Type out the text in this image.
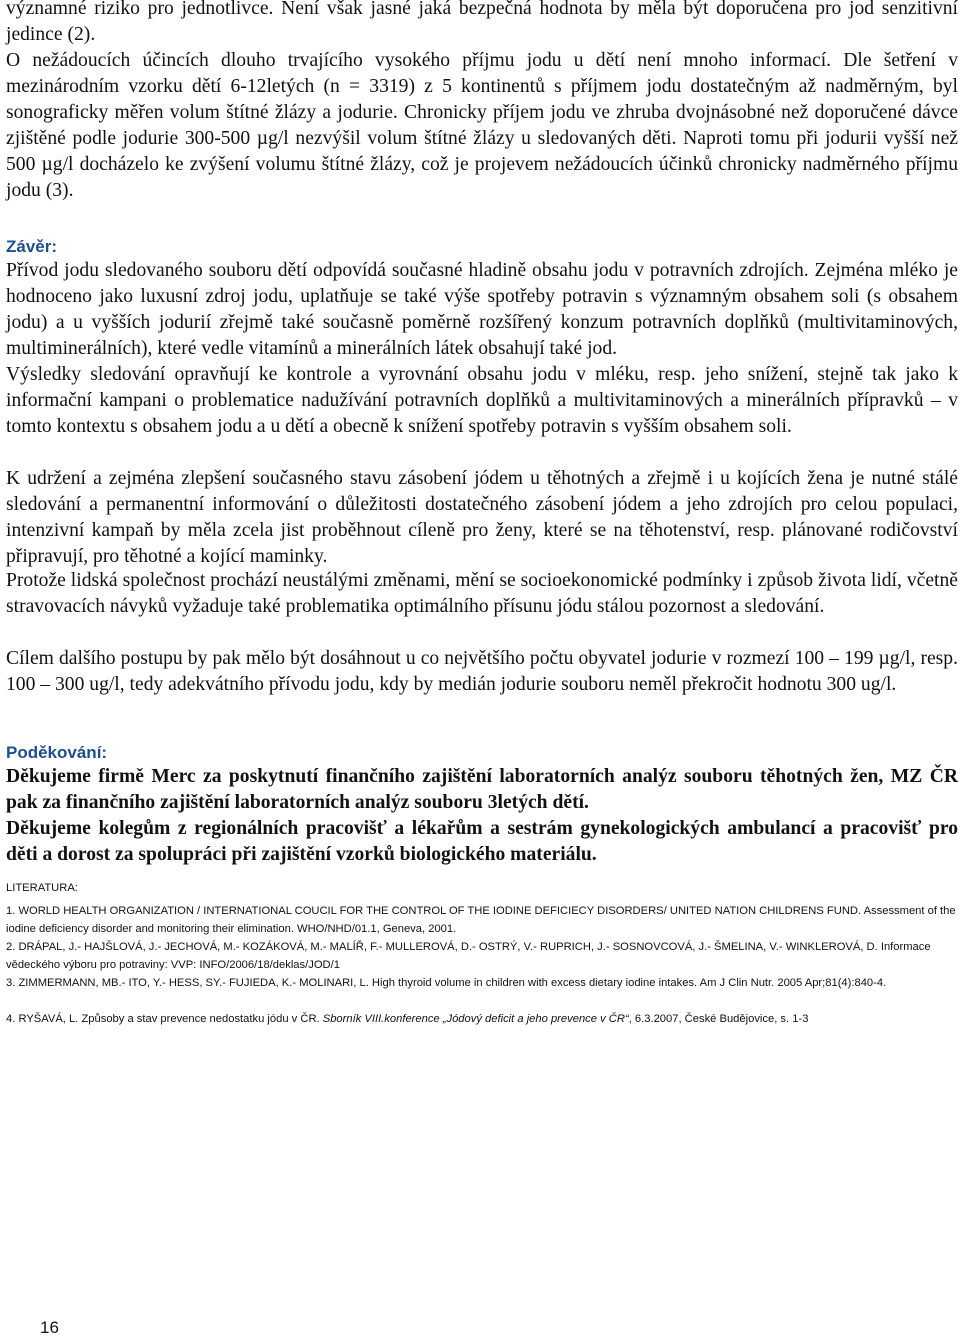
významné riziko pro jednotlivce. Není však jasné jaká bezpečná hodnota by měla být doporučena pro jod senzitivní jedince (2).

O nežádoucích účincích dlouho trvajícího vysokého příjmu jodu u dětí není mnoho informací. Dle šetření v mezinárodním vzorku dětí 6-12letých (n = 3319) z 5 kontinentů s příjmem jodu dostatečným až nadměrným, byl sonograficky měřen volum štítné žlázy a jodurie. Chronicky příjem jodu ve zhruba dvojnásobné než doporučené dávce zjištěné podle jodurie 300-500 µg/l nezvýšil volum štítné žlázy u sledovaných děti. Naproti tomu při jodurii vyšší než 500 µg/l docházelo ke zvýšení volumu štítné žlázy, což je projevem nežádoucích účinků chronicky nadměrného příjmu jodu (3).

Závěr:

Přívod jodu sledovaného souboru dětí odpovídá současné hladině obsahu jodu v potravních zdrojích. Zejména mléko je hodnoceno jako luxusní zdroj jodu, uplatňuje se také výše spotřeby potravin s významným obsahem soli (s obsahem jodu) a u vyšších jodurií zřejmě také současně poměrně rozšířený konzum potravních doplňků (multivitaminových, multiminerálních), které vedle vitamínů a minerálních látek obsahují také jod.

Výsledky sledování opravňují ke kontrole a vyrovnání obsahu jodu v mléku, resp. jeho snížení, stejně tak jako k informační kampani o problematice nadužívání potravních doplňků a multivitaminových a minerálních přípravků – v tomto kontextu s obsahem jodu a u dětí a obecně k snížení spotřeby potravin s vyšším obsahem soli.

K udržení a zejména zlepšení současného stavu zásobení jódem u těhotných a zřejmě i u kojících žena je nutné stálé sledování a permanentní informování o důležitosti dostatečného zásobení jódem a jeho zdrojích pro celou populaci, intenzivní kampaň by měla zcela jist proběhnout cíleně pro ženy, které se na těhotenství, resp. plánované rodičovství připravují, pro těhotné a kojící maminky.

Protože lidská společnost prochází neustálými změnami, mění se socioekonomické podmínky i způsob života lidí, včetně stravovacích návyků vyžaduje také problematika optimálního přísunu jódu stálou pozornost a sledování.

Cílem dalšího postupu by pak mělo být dosáhnout u co největšího počtu obyvatel jodurie v rozmezí 100 – 199 µg/l, resp. 100 – 300 ug/l, tedy adekvátního přívodu jodu, kdy by medián jodurie souboru neměl překročit hodnotu 300 ug/l.

Poděkování:

Děkujeme firmě Merc za poskytnutí finančního zajištění laboratorních analýz souboru těhotných žen, MZ ČR pak za finančního zajištění laboratorních analýz souboru 3letých dětí.

Děkujeme kolegům z regionálních pracovišť a lékařům a sestrám gynekologických ambulancí a pracovišť pro děti a dorost za spolupráci při zajištění vzorků biologického materiálu.

LITERATURA:

1. WORLD HEALTH ORGANIZATION / INTERNATIONAL COUCIL FOR THE CONTROL OF THE IODINE DEFICIECY DISORDERS/ UNITED NATION CHILDRENS FUND. Assessment of the iodine deficiency disorder and monitoring their elimination. WHO/NHD/01.1, Geneva, 2001.

2. DRÁPAL, J.- HAJŠLOVÁ, J.- JECHOVÁ, M.- KOZÁKOVÁ, M.- MALÍŘ, F.- MULLEROVÁ, D.- OSTRÝ, V.- RUPRICH, J.- SOSNOVCOVÁ, J.- ŠMELINA, V.- WINKLEROVÁ, D. Informace vědeckého výboru pro potraviny: VVP: INFO/2006/18/deklas/JOD/1

3. ZIMMERMANN, MB.- ITO, Y.- HESS, SY.- FUJIEDA, K.- MOLINARI, L. High thyroid volume in children with excess dietary iodine intakes. Am J Clin Nutr. 2005 Apr;81(4):840-4.

4. RYŠAVÁ, L. Způsoby a stav prevence nedostatku jódu v ČR. Sborník VIII.konference „Jódový deficit a jeho prevence v ČR“, 6.3.2007, České Budějovice, s. 1-3

16
